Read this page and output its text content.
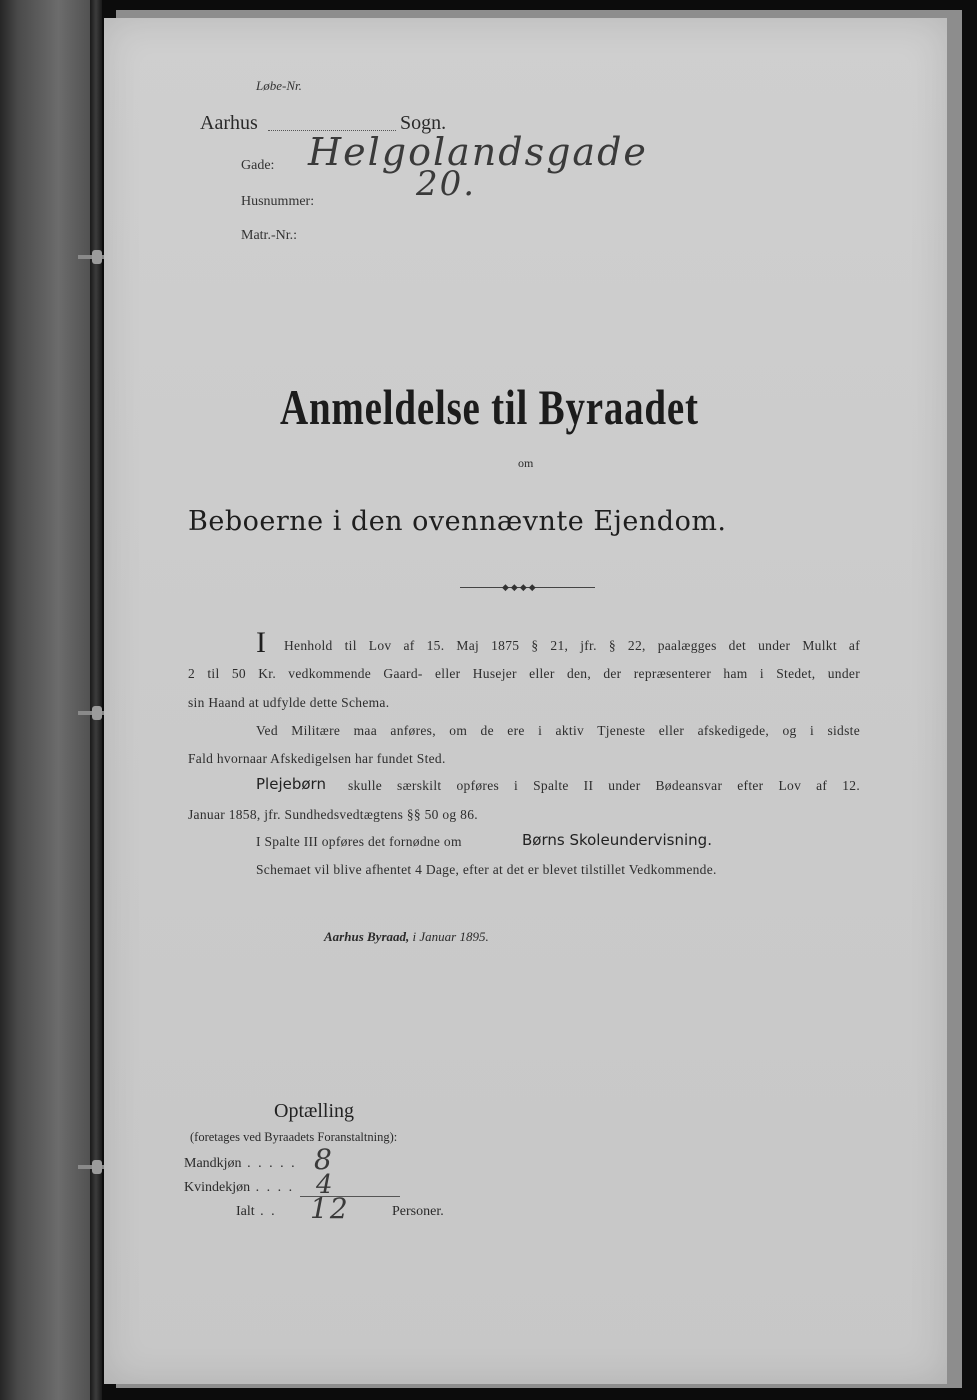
Løbe-Nr.
Aarhus	Sogn.
Gade: Helgolandsgade
Husnummer:	20.
Matr.-Nr.:
Anmeldelse til Byraadet
om
Beboerne i den ovennævnte Ejendom.
◆◆◆◆
I Henhold til Lov af 15. Maj 1875 § 21, jfr. § 22, paalægges det under Mulkt af
2 til 50 Kr. vedkommende Gaard- eller Husejer eller den, der repræsenterer ham i Stedet, under
sin Haand at udfylde dette Schema.
Ved Militære maa anføres, om de ere i aktiv Tjeneste eller afskedigede, og i sidste
Fald hvornaar Afskedigelsen har fundet Sted.
Plejebørn skulle særskilt opføres i Spalte II under Bødeansvar efter Lov af 12.
Januar 1858, jfr. Sundhedsvedtægtens §§ 50 og 86.
I Spalte III opføres det fornødne om	Børns Skoleundervisning.
Schemaet vil blive afhentet 4 Dage, efter at det er blevet tilstillet Vedkommende.
Aarhus Byraad, i Januar 1895.
Optælling
(foretages ved Byraadets Foranstaltning):
Mandkjøn . . . . . 8
Kvindekjøn . . . . 4
Ialt . . 12	Personer.
